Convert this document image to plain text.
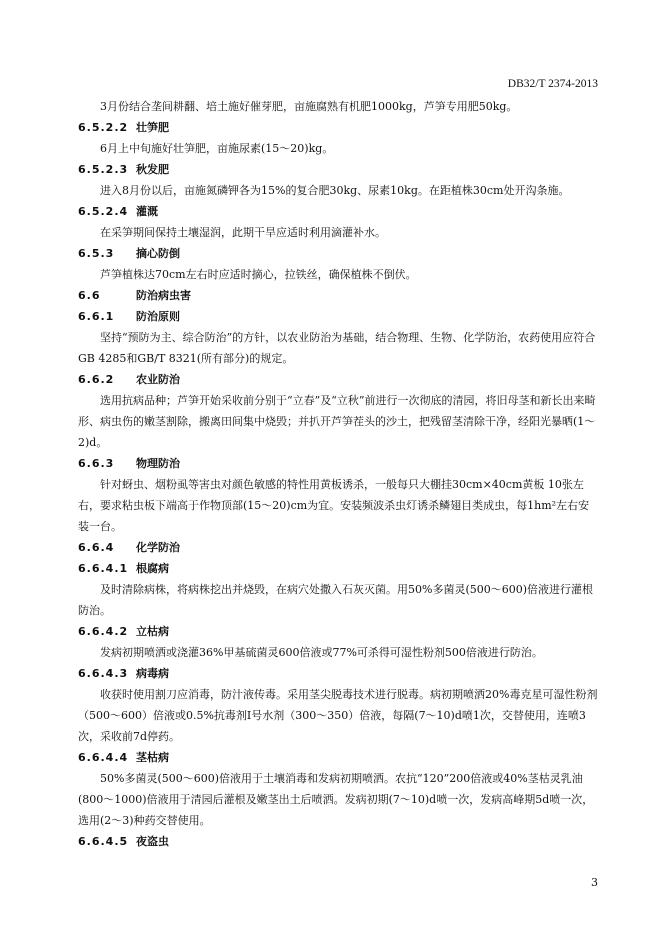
DB32/T 2374-2013

3月份结合垄间耕翻、培土施好催芽肥，亩施腐熟有机肥1000kg，芦笋专用肥50kg。

6.5.2.2 壮笋肥

6月上中旬施好壮笋肥，亩施尿素(15～20)kg。

6.5.2.3 秋发肥

进入8月份以后，亩施氮磷钾各为15%的复合肥30kg、尿素10kg。在距植株30cm处开沟条施。

6.5.2.4 灌溉

在采笋期间保持土壤湿润，此期干旱应适时利用滴灌补水。

6.5.3 摘心防倒

芦笋植株达70cm左右时应适时摘心，拉铁丝，确保植株不倒伏。

6.6	防治病虫害
6.6.1 防治原则

坚持“预防为主、综合防治”的方针，以农业防治为基础，结合物理、生物、化学防治，农药使用应符合GB 4285和GB/T 8321(所有部分)的规定。

6.6.2 农业防治

选用抗病品种；芦笋开始采收前分别于“立春”及“立秋”前进行一次彻底的清园，将旧母茎和新长出来畸形、病虫伤的嫩茎割除，搬离田间集中烧毁；并扒开芦笋茬头的沙土，把残留茎清除干净，经阳光暴晒(1～2)d。

6.6.3 物理防治

针对蚜虫、烟粉虱等害虫对颜色敏感的特性用黄板诱杀，一般每只大棚挂30cm×40cm黄板 10张左右，要求粘虫板下端高于作物顶部(15～20)cm为宜。安装频波杀虫灯诱杀鳞翅目类成虫，每1hm²左右安装一台。

6.6.4 化学防治
6.6.4.1 根腐病

及时清除病株，将病株挖出并烧毁，在病穴处撒入石灰灭菌。用50%多菌灵(500～600)倍液进行灌根防治。

6.6.4.2 立枯病

发病初期喷洒或浇灌36%甲基硫菌灵600倍液或77%可杀得可湿性粉剂500倍液进行防治。

6.6.4.3 病毒病

收获时使用割刀应消毒，防汁液传毒。采用茎尖脱毒技术进行脱毒。病初期喷洒20%毒克星可湿性粉剂（500～600）倍液或0.5%抗毒剂Ⅰ号水剂（300～350）倍液，每隔(7～10)d喷1次，交替使用，连喷3次，采收前7d停药。

6.6.4.4 茎枯病

50%多菌灵(500～600)倍液用于土壤消毒和发病初期喷洒。农抗“120”200倍液或40%茎枯灵乳油(800～1000)倍液用于清园后灌根及嫩茎出土后喷洒。发病初期(7～10)d喷一次，发病高峰期5d喷一次，选用(2～3)种药交替使用。

6.6.4.5 夜盗虫
3
